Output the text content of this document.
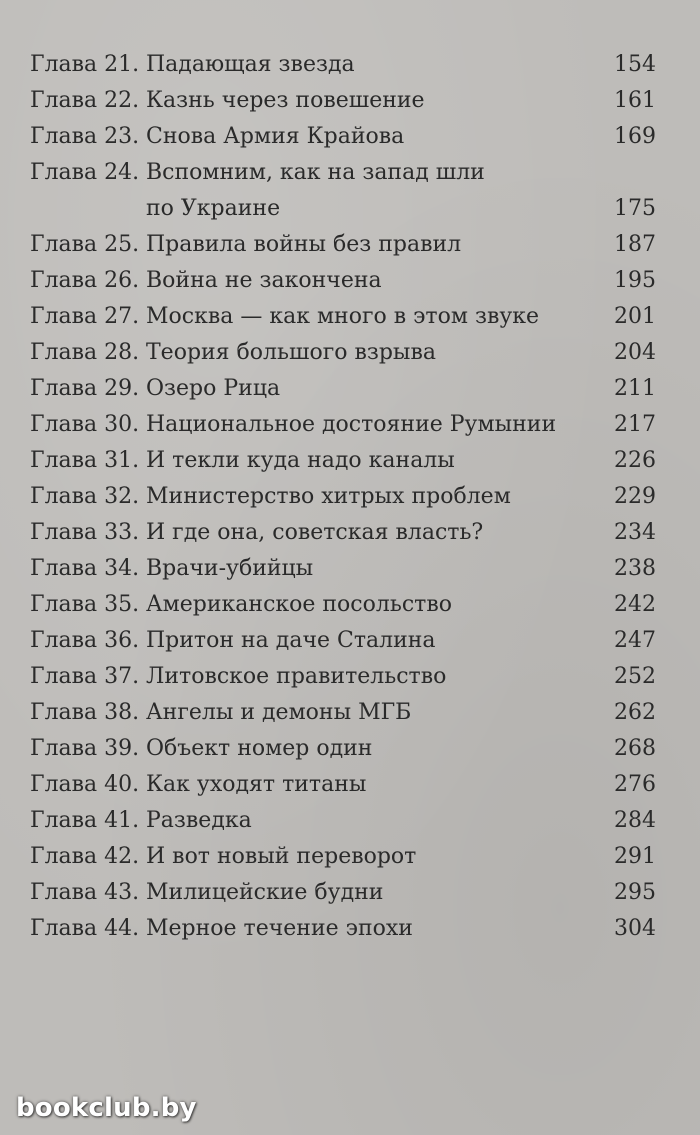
Глава 21. Падающая звезда	154
Глава 22. Казнь через повешение	161
Глава 23. Снова Армия Крайова	169
Глава 24. Вспомним, как на запад шли
по Украине	175
Глава 25. Правила войны без правил	187
Глава 26. Война не закончена	195
Глава 27. Москва — как много в этом звуке	201
Глава 28. Теория большого взрыва	204
Глава 29. Озеро Рица	211
Глава 30. Национальное достояние Румынии	217
Глава 31. И текли куда надо каналы	226
Глава 32. Министерство хитрых проблем	229
Глава 33. И где она, советская власть?	234
Глава 34. Врачи-убийцы	238
Глава 35. Американское посольство	242
Глава 36. Притон на даче Сталина	247
Глава 37. Литовское правительство	252
Глава 38. Ангелы и демоны МГБ	262
Глава 39. Объект номер один	268
Глава 40. Как уходят титаны	276
Глава 41. Разведка	284
Глава 42. И вот новый переворот	291
Глава 43. Милицейские будни	295
Глава 44. Мерное течение эпохи	304
bookclub.by
